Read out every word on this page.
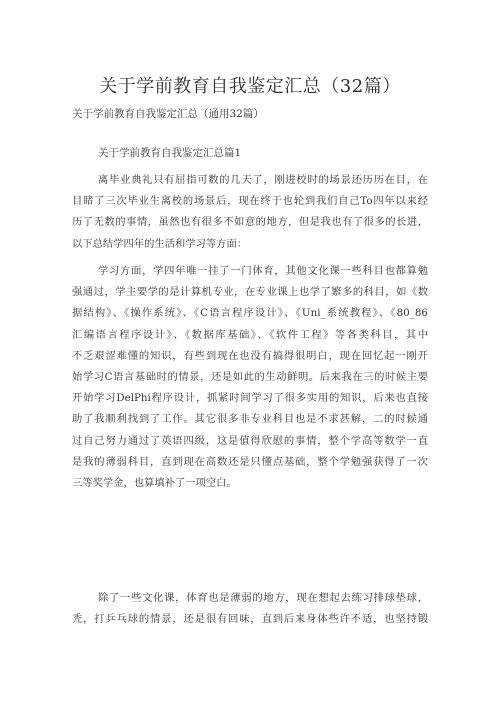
关于学前教育自我鉴定汇总（32篇）

关于学前教育自我鉴定汇总（通用32篇）

关于学前教育自我鉴定汇总篇1

离毕业典礼只有屈指可数的几天了，刚进校时的场景还历历在目，在
目睹了三次毕业生离校的场景后，现在终于也轮到我们自己To四年以来经
历了无数的事情，虽然也有很多不如意的地方，但是我也有了很多的长进，
以下总结学四年的生活和学习等方面：
学习方面，学四年唯一挂了一门体育，其他文化课一些科目也都算勉
强通过，学主要学的是计算机专业，在专业课上也学了繁多的科目，如《数
据结构》、《操作系统》、《C语言程序设计》、《Uni_系统教程》、《80_86
汇编语言程序设计》、《数据库基础》、《软件工程》等各类科目，其中
不乏艰涩难懂的知识，有些到现在也没有搞得很明白，现在回忆起一刚开
始学习C语言基础时的情景，还是如此的生动鲜明。后来我在三的时候主要
开始学习DelPhi程序设计，抓紧时间学习了很多实用的知识，后来也直接
助了我顺利找到了工作。其它很多非专业科目也是不求甚解，二的时候通
过自己努力通过了英语四级，这是值得欣慰的事情，整个学高等数学一直
是我的薄弱科目，直到现在高数还是只懂点基础，整个学勉强获得了一次
三等奖学金，也算填补了一项空白。
除了一些文化课，体育也是薄弱的地方，现在想起去练习排球垫球，
秃，打乒乓球的情景，还是很有回味，直到后来身体些许不适，也坚持锻
